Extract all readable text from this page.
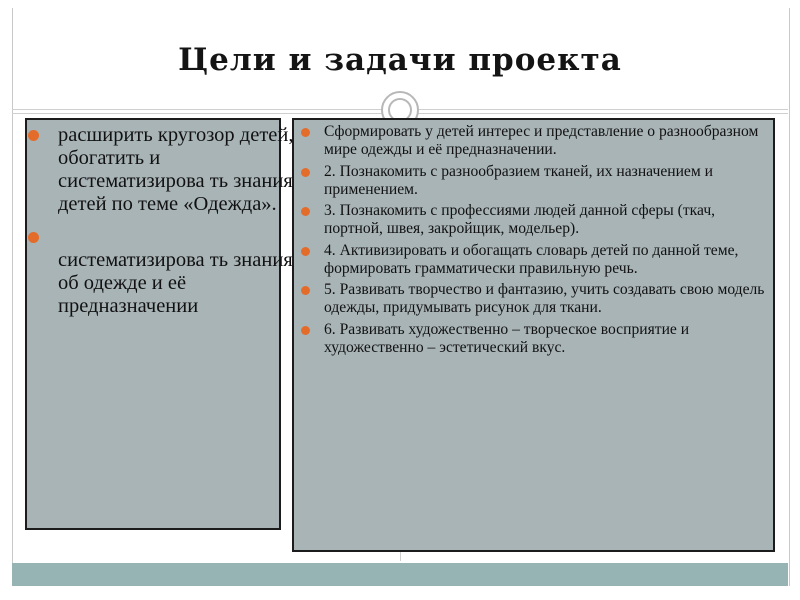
Цели и задачи проекта
расширить кругозор детей, обогатить и систематизирова ть знания детей по теме «Одежда».
систематизирова ть знания об одежде и её предназначении
Сформировать у детей интерес и представление о разнообразном мире одежды и её предназначении.
2. Познакомить с разнообразием тканей, их назначением и применением.
3. Познакомить с профессиями людей данной сферы (ткач, портной, швея, закройщик, модельер).
4. Активизировать и обогащать словарь детей по данной теме, формировать грамматически правильную речь.
5. Развивать творчество и фантазию, учить создавать свою модель одежды, придумывать рисунок для ткани.
6. Развивать художественно – творческое восприятие и художественно – эстетический вкус.
